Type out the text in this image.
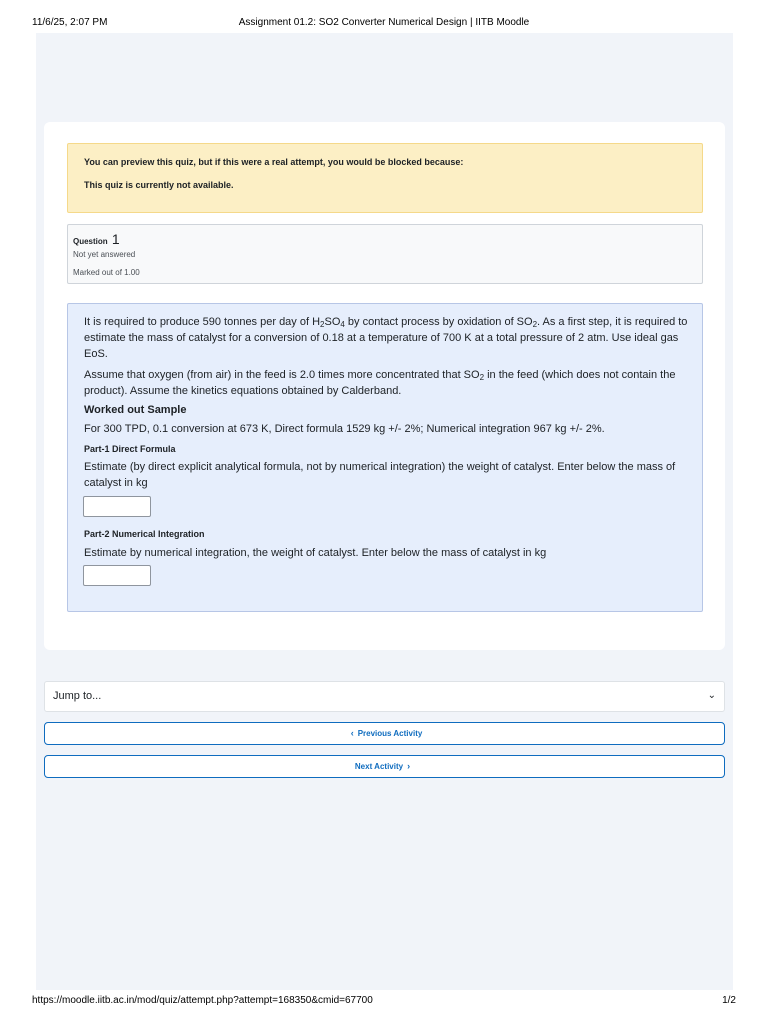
11/6/25, 2:07 PM	Assignment 01.2: SO2 Converter Numerical Design | IITB Moodle
You can preview this quiz, but if this were a real attempt, you would be blocked because:
This quiz is currently not available.
Question 1
Not yet answered
Marked out of 1.00

It is required to produce 590 tonnes per day of $H_2SO_4$ by contact process by oxidation of $SO_2$. As a first step, it is required to estimate the mass of catalyst for a conversion of 0.18 at a temperature of 700 K at a total pressure of 2 atm. Use ideal gas EoS.

Assume that oxygen (from air) in the feed is 2.0 times more concentrated that $SO_2$ in the feed (which does not contain the product). Assume the kinetics equations obtained by Calderband.

Worked out Sample

For 300 TPD, 0.1 conversion at 673 K, Direct formula 1529 kg +/- 2%; Numerical integration 967 kg +/- 2%.

Part-1 Direct Formula

Estimate (by direct explicit analytical formula, not by numerical integration) the weight of catalyst. Enter below the mass of catalyst in kg

Part-2 Numerical Integration

Estimate by numerical integration, the weight of catalyst. Enter below the mass of catalyst in kg

Jump to...	⌄
‹ Previous Activity
Next Activity ›
https://moodle.iitb.ac.in/mod/quiz/attempt.php?attempt=168350&cmid=67700	1/2
